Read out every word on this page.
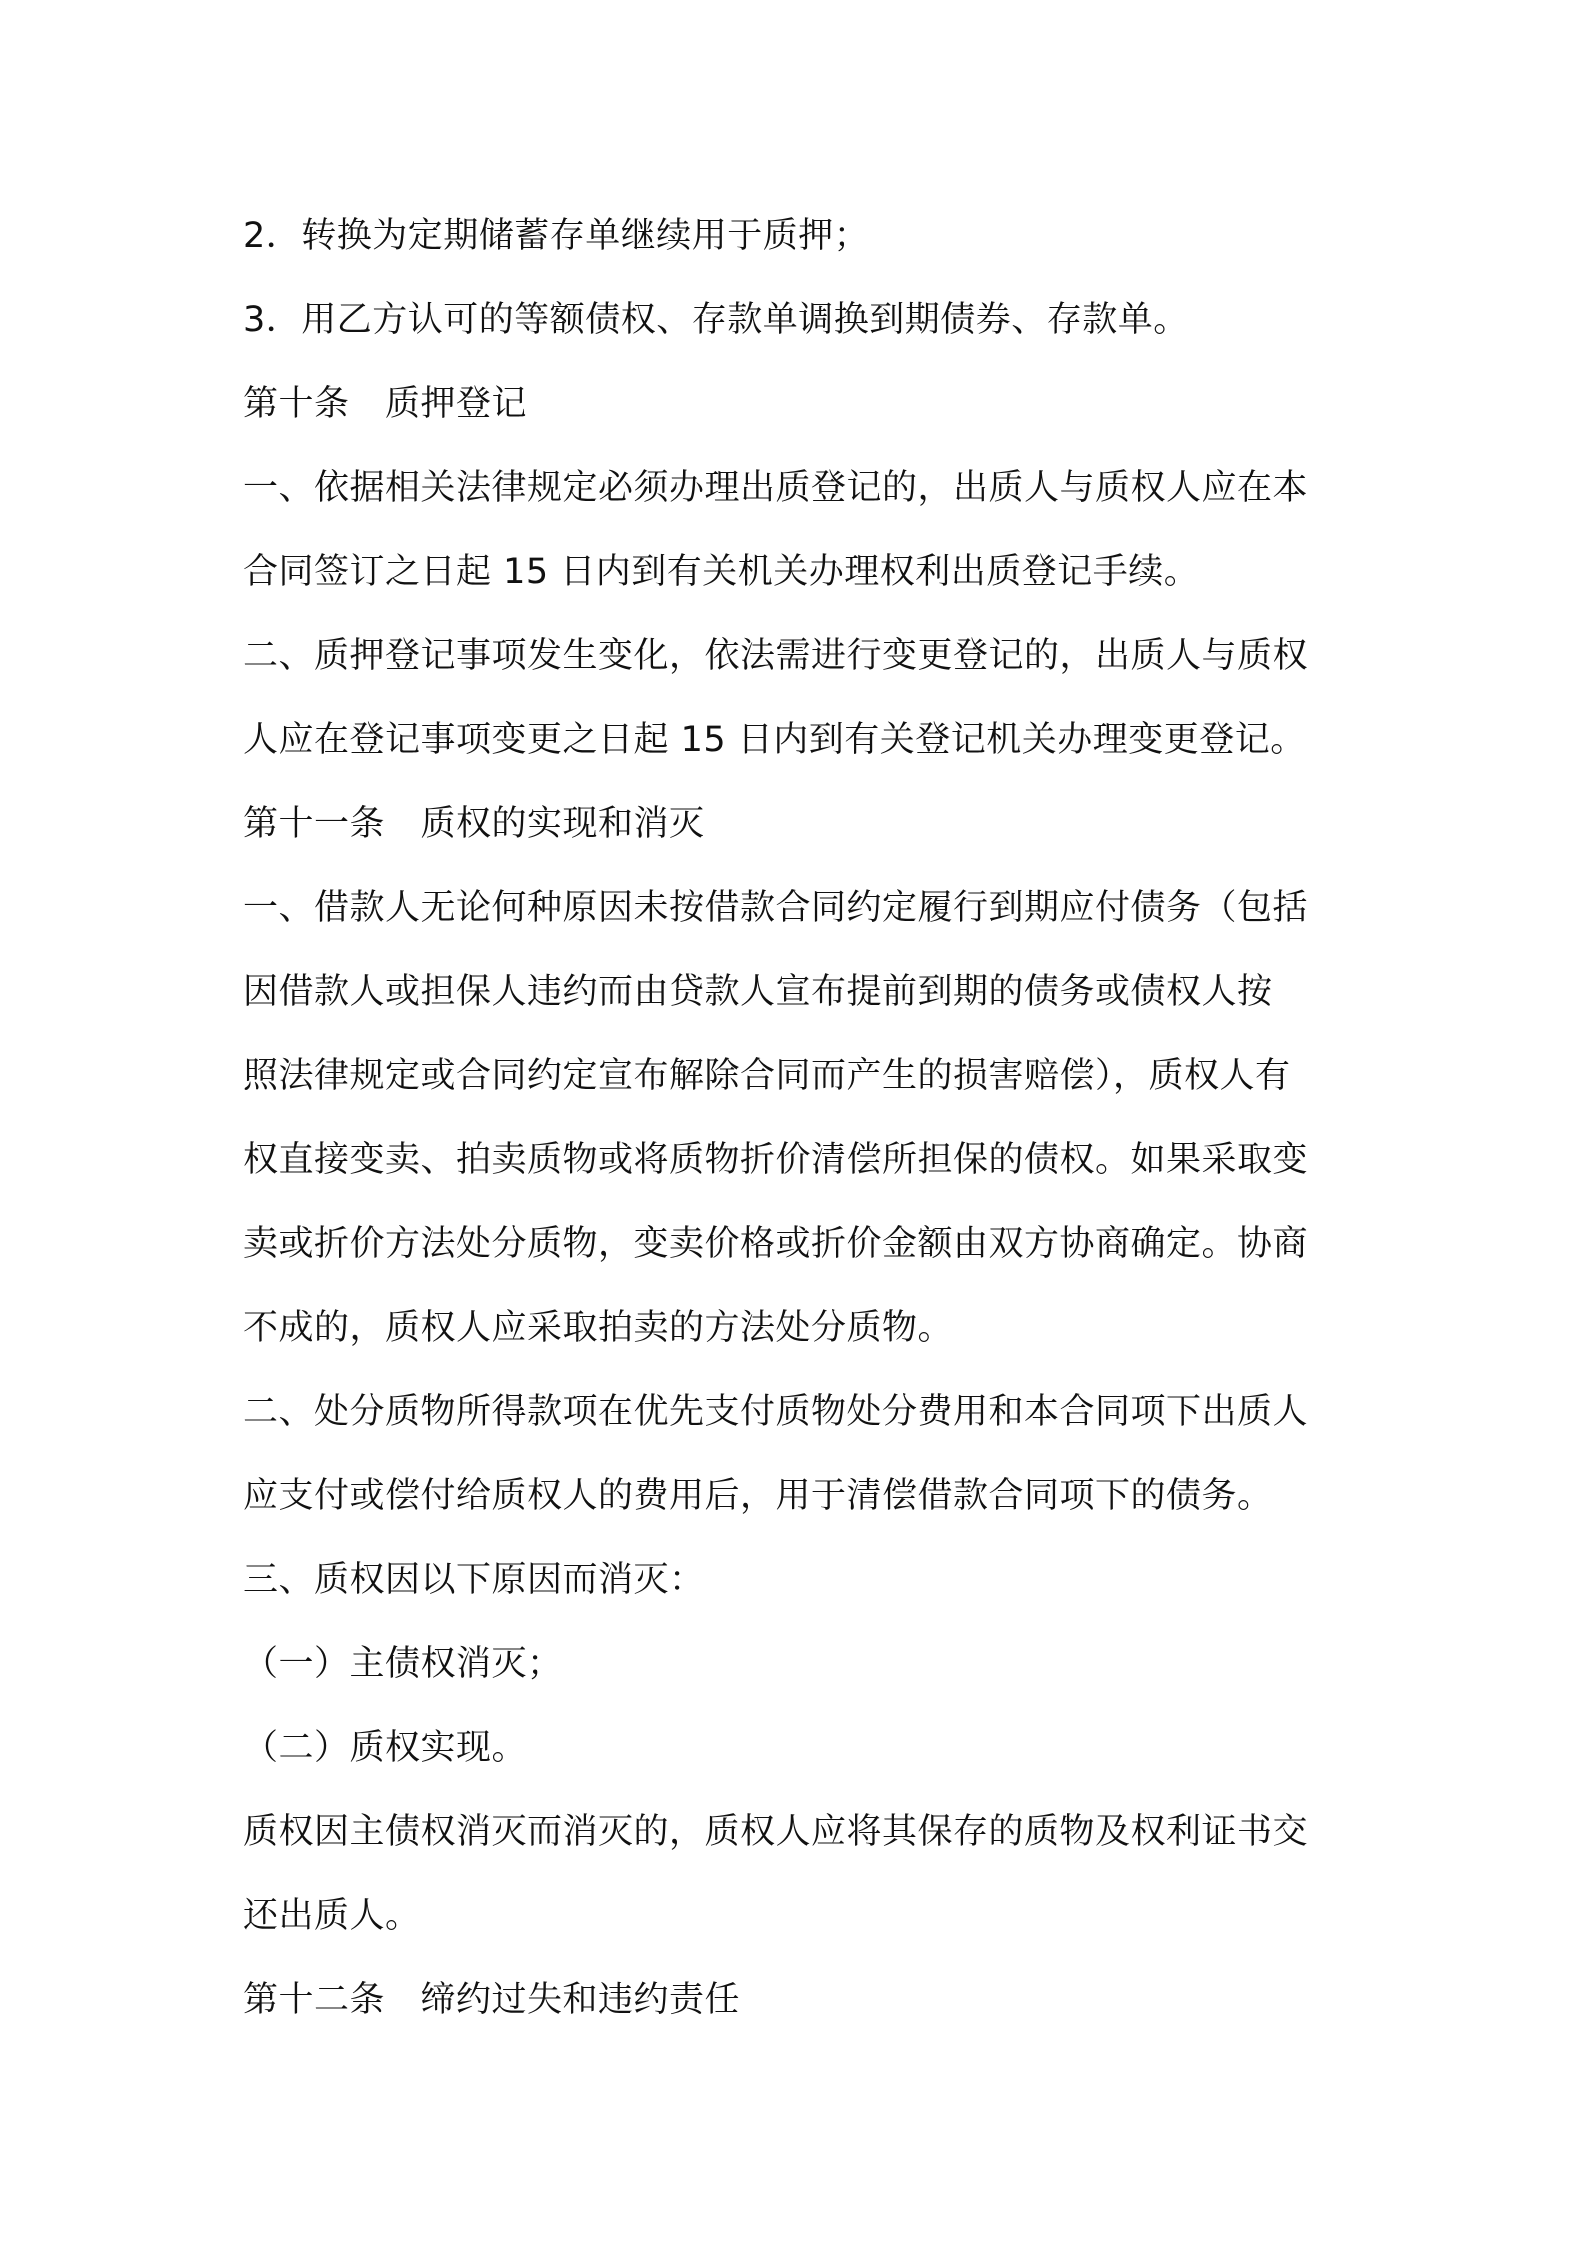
2．转换为定期储蓄存单继续用于质押；
3．用乙方认可的等额债权、存款单调换到期债券、存款单。
第十条　质押登记
一、依据相关法律规定必须办理出质登记的，出质人与质权人应在本
合同签订之日起 15 日内到有关机关办理权利出质登记手续。
二、质押登记事项发生变化，依法需进行变更登记的，出质人与质权
人应在登记事项变更之日起 15 日内到有关登记机关办理变更登记。
第十一条　质权的实现和消灭
一、借款人无论何种原因未按借款合同约定履行到期应付债务（包括
因借款人或担保人违约而由贷款人宣布提前到期的债务或债权人按
照法律规定或合同约定宣布解除合同而产生的损害赔偿），质权人有
权直接变卖、拍卖质物或将质物折价清偿所担保的债权。如果采取变
卖或折价方法处分质物，变卖价格或折价金额由双方协商确定。协商
不成的，质权人应采取拍卖的方法处分质物。
二、处分质物所得款项在优先支付质物处分费用和本合同项下出质人
应支付或偿付给质权人的费用后，用于清偿借款合同项下的债务。
三、质权因以下原因而消灭：
（一）主债权消灭；
（二）质权实现。
质权因主债权消灭而消灭的，质权人应将其保存的质物及权利证书交
还出质人。
第十二条　缔约过失和违约责任
